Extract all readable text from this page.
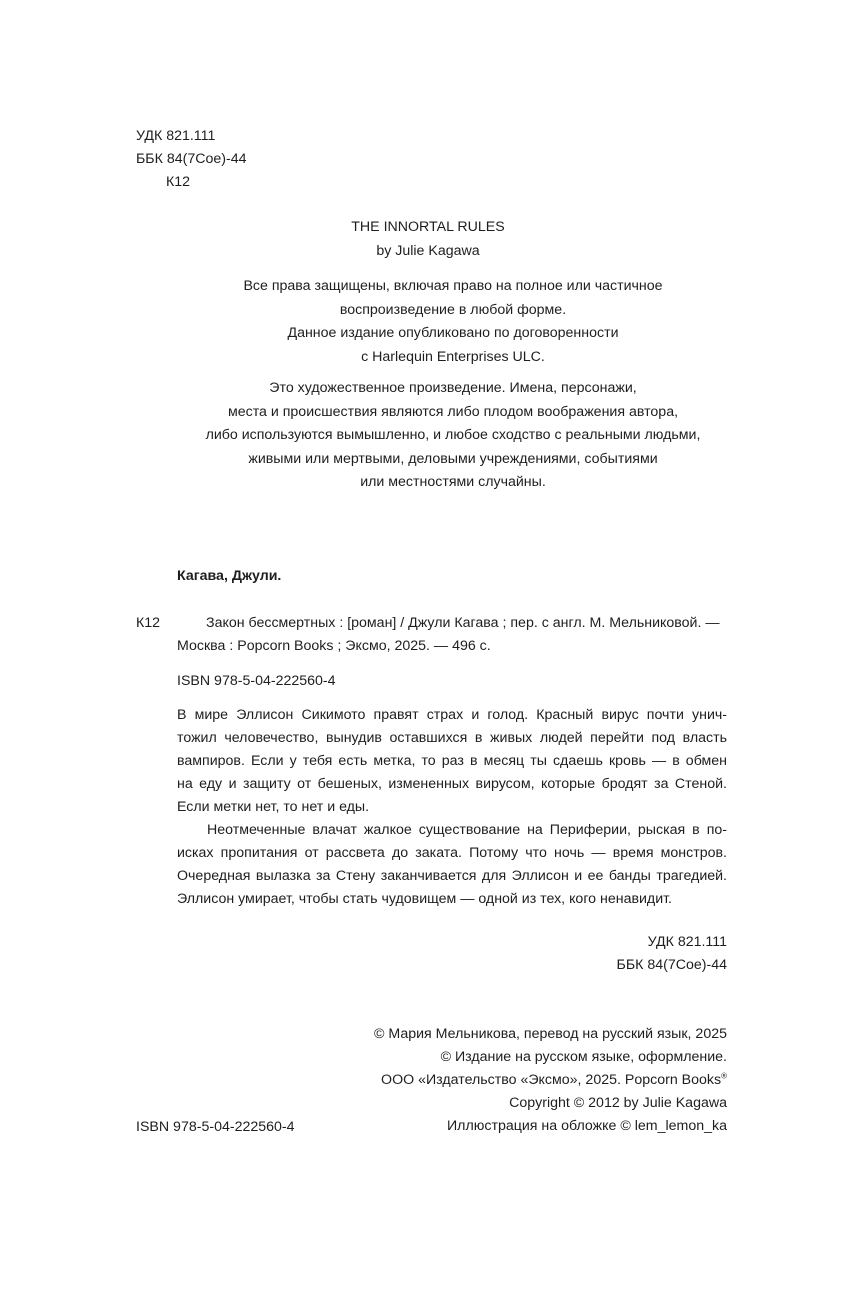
УДК 821.111
ББК 84(7Сое)-44
К12
THE INNORTAL RULES
by Julie Kagawa
Все права защищены, включая право на полное или частичное
воспроизведение в любой форме.
Данное издание опубликовано по договоренности
с Harlequin Enterprises ULC.
Это художественное произведение. Имена, персонажи,
места и происшествия являются либо плодом воображения автора,
либо используются вымышленно, и любое сходство с реальными людьми,
живыми или мертвыми, деловыми учреждениями, событиями
или местностями случайны.
Кагава, Джули.
К12	Закон бессмертных : [роман] / Джули Кагава ; пер. с англ. М. Мельниковой. —
Москва : Popcorn Books ; Эксмо, 2025. — 496 с.
ISBN 978-5-04-222560-4
В мире Эллисон Сикимото правят страх и голод. Красный вирус почти унич-
тожил человечество, вынудив оставшихся в живых людей перейти под власть
вампиров. Если у тебя есть метка, то раз в месяц ты сдаешь кровь — в обмен
на еду и защиту от бешеных, измененных вирусом, которые бродят за Стеной.
Если метки нет, то нет и еды.
Неотмеченные влачат жалкое существование на Периферии, рыская в по-
исках пропитания от рассвета до заката. Потому что ночь — время монстров.
Очередная вылазка за Стену заканчивается для Эллисон и ее банды трагедией.
Эллисон умирает, чтобы стать чудовищем — одной из тех, кого ненавидит.
УДК 821.111
ББК 84(7Сое)-44
© Мария Мельникова, перевод на русский язык, 2025
© Издание на русском языке, оформление.
ООО «Издательство «Эксмо», 2025. Popcorn Books®
Copyright © 2012 by Julie Kagawa
Иллюстрация на обложке © lem_lemon_ka
ISBN 978-5-04-222560-4
